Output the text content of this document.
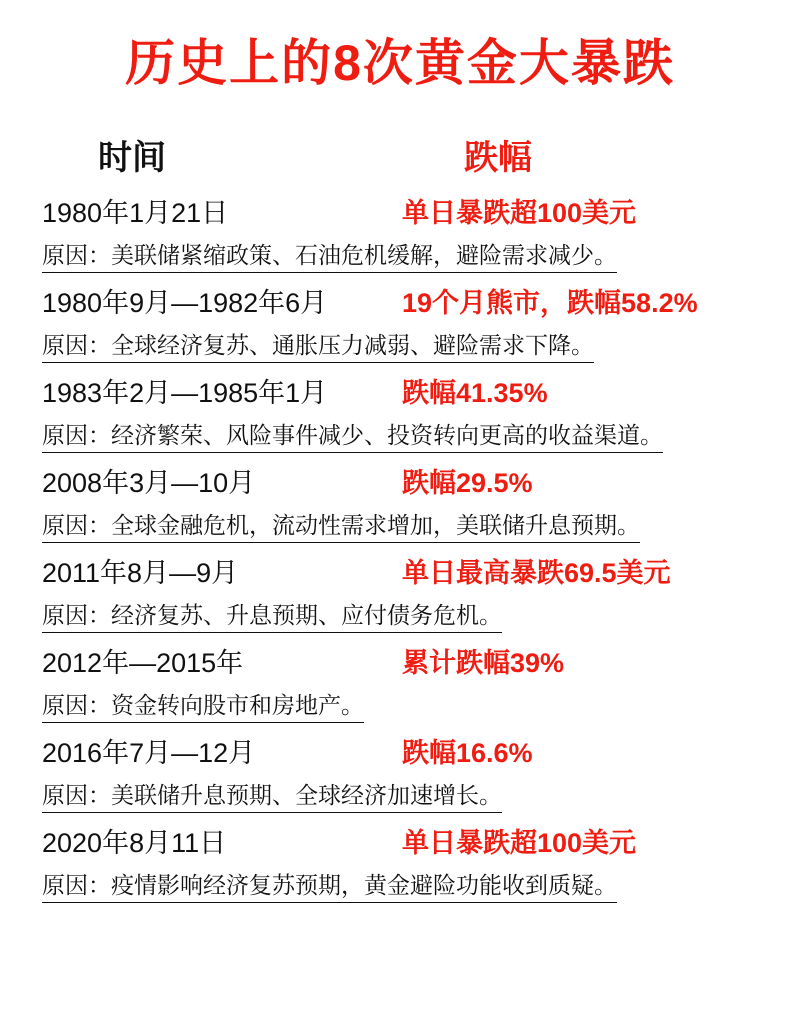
历史上的8次黄金大暴跌
时间	跌幅
1980年1月21日	单日暴跌超100美元
原因：美联储紧缩政策、石油危机缓解，避险需求减少。
1980年9月—1982年6月	19个月熊市，跌幅58.2%
原因：全球经济复苏、通胀压力减弱、避险需求下降。
1983年2月—1985年1月	跌幅41.35%
原因：经济繁荣、风险事件减少、投资转向更高的收益渠道。
2008年3月—10月	跌幅29.5%
原因：全球金融危机，流动性需求增加，美联储升息预期。
2011年8月—9月	单日最高暴跌69.5美元
原因：经济复苏、升息预期、应付债务危机。
2012年—2015年	累计跌幅39%
原因：资金转向股市和房地产。
2016年7月—12月	跌幅16.6%
原因：美联储升息预期、全球经济加速增长。
2020年8月11日	单日暴跌超100美元
原因：疫情影响经济复苏预期，黄金避险功能收到质疑。
